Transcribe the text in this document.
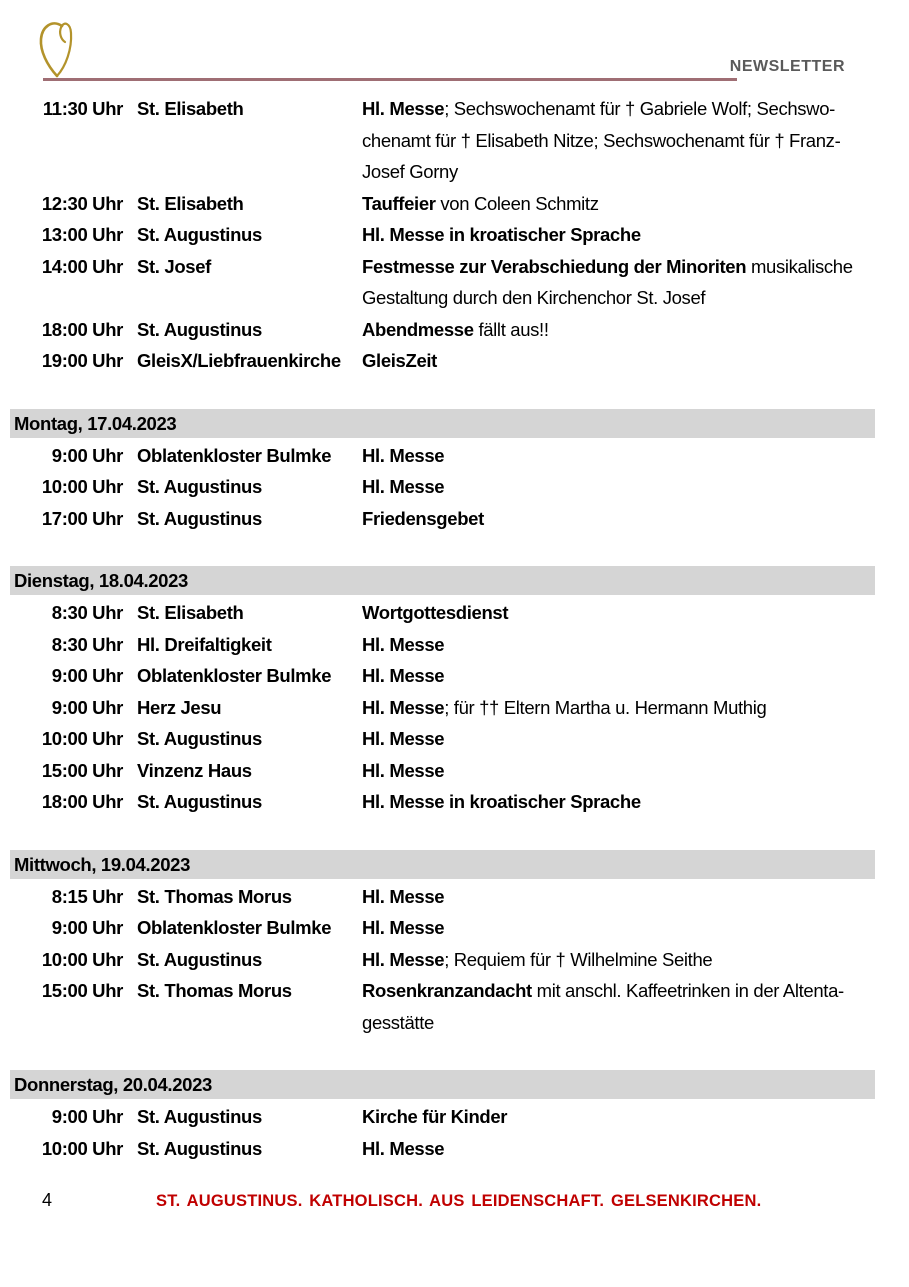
NEWSLETTER
11:30 Uhr St. Elisabeth	Hl. Messe; Sechswochenamt für † Gabriele Wolf; Sechswochenamt für † Elisabeth Nitze; Sechswochenamt für † Franz-Josef Gorny
12:30 Uhr St. Elisabeth	Tauffeier von Coleen Schmitz
13:00 Uhr St. Augustinus	Hl. Messe in kroatischer Sprache
14:00 Uhr St. Josef	Festmesse zur Verabschiedung der Minoriten musikalische Gestaltung durch den Kirchenchor St. Josef
18:00 Uhr St. Augustinus	Abendmesse fällt aus!!
19:00 Uhr GleisX/Liebfrauenkirche	GleisZeit
Montag, 17.04.2023
9:00 Uhr Oblatenkloster Bulmke	Hl. Messe
10:00 Uhr St. Augustinus	Hl. Messe
17:00 Uhr St. Augustinus	Friedensgebet
Dienstag, 18.04.2023
8:30 Uhr St. Elisabeth	Wortgottesdienst
8:30 Uhr Hl. Dreifaltigkeit	Hl. Messe
9:00 Uhr Oblatenkloster Bulmke	Hl. Messe
9:00 Uhr Herz Jesu	Hl. Messe; für †† Eltern Martha u. Hermann Muthig
10:00 Uhr St. Augustinus	Hl. Messe
15:00 Uhr Vinzenz Haus	Hl. Messe
18:00 Uhr St. Augustinus	Hl. Messe in kroatischer Sprache
Mittwoch, 19.04.2023
8:15 Uhr St. Thomas Morus	Hl. Messe
9:00 Uhr Oblatenkloster Bulmke	Hl. Messe
10:00 Uhr St. Augustinus	Hl. Messe; Requiem für † Wilhelmine Seithe
15:00 Uhr St. Thomas Morus	Rosenkranzandacht mit anschl. Kaffeetrinken in der Altentagesstätte
Donnerstag, 20.04.2023
9:00 Uhr St. Augustinus	Kirche für Kinder
10:00 Uhr St. Augustinus	Hl. Messe
4	ST. AUGUSTINUS. KATHOLISCH. AUS LEIDENSCHAFT. GELSENKIRCHEN.
